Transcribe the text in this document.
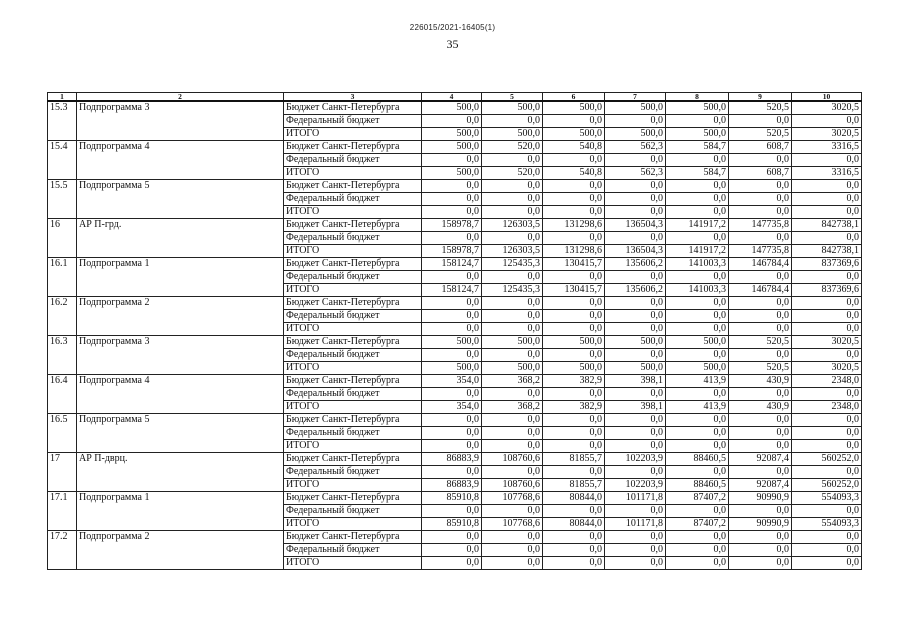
226015/2021-16405(1)
35
1	2	3	4	5	6	7	8	9	10
15.3	Подпрограмма 3	Бюджет Санкт-Петербурга	500,0	500,0	500,0	500,0	500,0	520,5	3020,5
		Федеральный бюджет	0,0	0,0	0,0	0,0	0,0	0,0	0,0
		ИТОГО	500,0	500,0	500,0	500,0	500,0	520,5	3020,5
15.4	Подпрограмма 4	Бюджет Санкт-Петербурга	500,0	520,0	540,8	562,3	584,7	608,7	3316,5
		Федеральный бюджет	0,0	0,0	0,0	0,0	0,0	0,0	0,0
		ИТОГО	500,0	520,0	540,8	562,3	584,7	608,7	3316,5
15.5	Подпрограмма 5	Бюджет Санкт-Петербурга	0,0	0,0	0,0	0,0	0,0	0,0	0,0
		Федеральный бюджет	0,0	0,0	0,0	0,0	0,0	0,0	0,0
		ИТОГО	0,0	0,0	0,0	0,0	0,0	0,0	0,0
16	АР П-грд.	Бюджет Санкт-Петербурга	158978,7	126303,5	131298,6	136504,3	141917,2	147735,8	842738,1
		Федеральный бюджет	0,0	0,0	0,0	0,0	0,0	0,0	0,0
		ИТОГО	158978,7	126303,5	131298,6	136504,3	141917,2	147735,8	842738,1
16.1	Подпрограмма 1	Бюджет Санкт-Петербурга	158124,7	125435,3	130415,7	135606,2	141003,3	146784,4	837369,6
		Федеральный бюджет	0,0	0,0	0,0	0,0	0,0	0,0	0,0
		ИТОГО	158124,7	125435,3	130415,7	135606,2	141003,3	146784,4	837369,6
16.2	Подпрограмма 2	Бюджет Санкт-Петербурга	0,0	0,0	0,0	0,0	0,0	0,0	0,0
		Федеральный бюджет	0,0	0,0	0,0	0,0	0,0	0,0	0,0
		ИТОГО	0,0	0,0	0,0	0,0	0,0	0,0	0,0
16.3	Подпрограмма 3	Бюджет Санкт-Петербурга	500,0	500,0	500,0	500,0	500,0	520,5	3020,5
		Федеральный бюджет	0,0	0,0	0,0	0,0	0,0	0,0	0,0
		ИТОГО	500,0	500,0	500,0	500,0	500,0	520,5	3020,5
16.4	Подпрограмма 4	Бюджет Санкт-Петербурга	354,0	368,2	382,9	398,1	413,9	430,9	2348,0
		Федеральный бюджет	0,0	0,0	0,0	0,0	0,0	0,0	0,0
		ИТОГО	354,0	368,2	382,9	398,1	413,9	430,9	2348,0
16.5	Подпрограмма 5	Бюджет Санкт-Петербурга	0,0	0,0	0,0	0,0	0,0	0,0	0,0
		Федеральный бюджет	0,0	0,0	0,0	0,0	0,0	0,0	0,0
		ИТОГО	0,0	0,0	0,0	0,0	0,0	0,0	0,0
17	АР П-дврц.	Бюджет Санкт-Петербурга	86883,9	108760,6	81855,7	102203,9	88460,5	92087,4	560252,0
		Федеральный бюджет	0,0	0,0	0,0	0,0	0,0	0,0	0,0
		ИТОГО	86883,9	108760,6	81855,7	102203,9	88460,5	92087,4	560252,0
17.1	Подпрограмма 1	Бюджет Санкт-Петербурга	85910,8	107768,6	80844,0	101171,8	87407,2	90990,9	554093,3
		Федеральный бюджет	0,0	0,0	0,0	0,0	0,0	0,0	0,0
		ИТОГО	85910,8	107768,6	80844,0	101171,8	87407,2	90990,9	554093,3
17.2	Подпрограмма 2	Бюджет Санкт-Петербурга	0,0	0,0	0,0	0,0	0,0	0,0	0,0
		Федеральный бюджет	0,0	0,0	0,0	0,0	0,0	0,0	0,0
		ИТОГО	0,0	0,0	0,0	0,0	0,0	0,0	0,0
